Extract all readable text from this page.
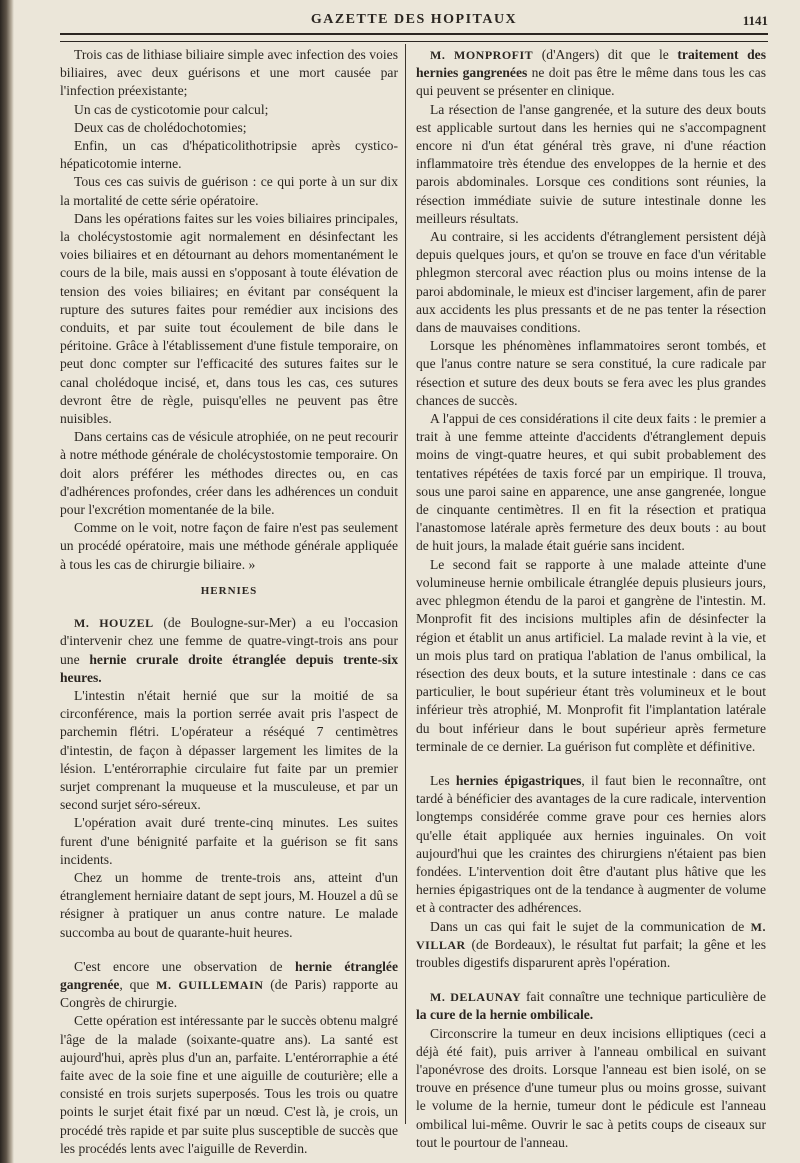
GAZETTE DES HOPITAUX	1141

Trois cas de lithiase biliaire simple avec infection des voies biliaires, avec deux guérisons et une mort causée par l'infection préexistante;

Un cas de cysticotomie pour calcul;

Deux cas de cholédochotomies;

Enfin, un cas d'hépaticolithotripsie après cystico-hépaticotomie interne.

Tous ces cas suivis de guérison : ce qui porte à un sur dix la mortalité de cette série opératoire.

Dans les opérations faites sur les voies biliaires principales, la cholécystostomie agit normalement en désinfectant les voies biliaires et en détournant au dehors momentanément le cours de la bile, mais aussi en s'opposant à toute élévation de tension des voies biliaires; en évitant par conséquent la rupture des sutures faites pour remédier aux incisions des conduits, et par suite tout écoulement de bile dans le péritoine. Grâce à l'établissement d'une fistule temporaire, on peut donc compter sur l'efficacité des sutures faites sur le canal cholédoque incisé, et, dans tous les cas, ces sutures devront être de règle, puisqu'elles ne peuvent pas être nuisibles.

Dans certains cas de vésicule atrophiée, on ne peut recourir à notre méthode générale de cholécystostomie temporaire. On doit alors préférer les méthodes directes ou, en cas d'adhérences profondes, créer dans les adhérences un conduit pour l'excrétion momentanée de la bile.

Comme on le voit, notre façon de faire n'est pas seulement un procédé opératoire, mais une méthode générale appliquée à tous les cas de chirurgie biliaire. »

HERNIES

M. HOUZEL (de Boulogne-sur-Mer) a eu l'occasion d'intervenir chez une femme de quatre-vingt-trois ans pour une hernie crurale droite étranglée depuis trente-six heures.

L'intestin n'était hernié que sur la moitié de sa circonférence, mais la portion serrée avait pris l'aspect de parchemin flétri. L'opérateur a réséqué 7 centimètres d'intestin, de façon à dépasser largement les limites de la lésion. L'entérorraphie circulaire fut faite par un premier surjet comprenant la muqueuse et la musculeuse, et par un second surjet séro-séreux.

L'opération avait duré trente-cinq minutes. Les suites furent d'une bénignité parfaite et la guérison se fit sans incidents.

Chez un homme de trente-trois ans, atteint d'un étranglement herniaire datant de sept jours, M. Houzel a dû se résigner à pratiquer un anus contre nature. Le malade succomba au bout de quarante-huit heures.

C'est encore une observation de hernie étranglée gangrenée, que M. GUILLEMAIN (de Paris) rapporte au Congrès de chirurgie.

Cette opération est intéressante par le succès obtenu malgré l'âge de la malade (soixante-quatre ans). La santé est aujourd'hui, après plus d'un an, parfaite. L'entérorraphie a été faite avec de la soie fine et une aiguille de couturière; elle a consisté en trois surjets superposés. Tous les trois ou quatre points le surjet était fixé par un nœud. C'est là, je crois, un procédé très rapide et par suite plus susceptible de succès que les procédés lents avec l'aiguille de Reverdin.

M. MONPROFIT (d'Angers) dit que le traitement des hernies gangrenées ne doit pas être le même dans tous les cas qui peuvent se présenter en clinique.

La résection de l'anse gangrenée, et la suture des deux bouts est applicable surtout dans les hernies qui ne s'accompagnent encore ni d'un état général très grave, ni d'une réaction inflammatoire très étendue des enveloppes de la hernie et des parois abdominales. Lorsque ces conditions sont réunies, la résection immédiate suivie de suture intestinale donne les meilleurs résultats.

Au contraire, si les accidents d'étranglement persistent déjà depuis quelques jours, et qu'on se trouve en face d'un véritable phlegmon stercoral avec réaction plus ou moins intense de la paroi abdominale, le mieux est d'inciser largement, afin de parer aux accidents les plus pressants et de ne pas tenter la résection dans de mauvaises conditions.

Lorsque les phénomènes inflammatoires seront tombés, et que l'anus contre nature se sera constitué, la cure radicale par résection et suture des deux bouts se fera avec les plus grandes chances de succès.

A l'appui de ces considérations il cite deux faits : le premier a trait à une femme atteinte d'accidents d'étranglement depuis moins de vingt-quatre heures, et qui subit probablement des tentatives répétées de taxis forcé par un empirique. Il trouva, sous une paroi saine en apparence, une anse gangrenée, longue de cinquante centimètres. Il en fit la résection et pratiqua l'anastomose latérale après fermeture des deux bouts : au bout de huit jours, la malade était guérie sans incident.

Le second fait se rapporte à une malade atteinte d'une volumineuse hernie ombilicale étranglée depuis plusieurs jours, avec phlegmon étendu de la paroi et gangrène de l'intestin. M. Monprofit fit des incisions multiples afin de désinfecter la région et établit un anus artificiel. La malade revint à la vie, et un mois plus tard on pratiqua l'ablation de l'anus ombilical, la résection des deux bouts, et la suture intestinale : dans ce cas particulier, le bout supérieur étant très volumineux et le bout inférieur très atrophié, M. Monprofit fit l'implantation latérale du bout inférieur dans le bout supérieur après fermeture terminale de ce dernier. La guérison fut complète et définitive.

Les hernies épigastriques, il faut bien le reconnaître, ont tardé à bénéficier des avantages de la cure radicale, intervention longtemps considérée comme grave pour ces hernies alors qu'elle était appliquée aux hernies inguinales. On voit aujourd'hui que les craintes des chirurgiens n'étaient pas bien fondées. L'intervention doit être d'autant plus hâtive que les hernies épigastriques ont de la tendance à augmenter de volume et à contracter des adhérences.

Dans un cas qui fait le sujet de la communication de M. VILLAR (de Bordeaux), le résultat fut parfait; la gêne et les troubles digestifs disparurent après l'opération.

M. DELAUNAY fait connaître une technique particulière de la cure de la hernie ombilicale.

Circonscrire la tumeur en deux incisions elliptiques (ceci a déjà été fait), puis arriver à l'anneau ombilical en suivant l'aponévrose des droits. Lorsque l'anneau est bien isolé, on se trouve en présence d'une tumeur plus ou moins grosse, suivant le volume de la hernie, tumeur dont le pédicule est l'anneau ombilical lui-même. Ouvrir le sac à petits coups de ciseaux sur tout le pourtour de l'anneau.
